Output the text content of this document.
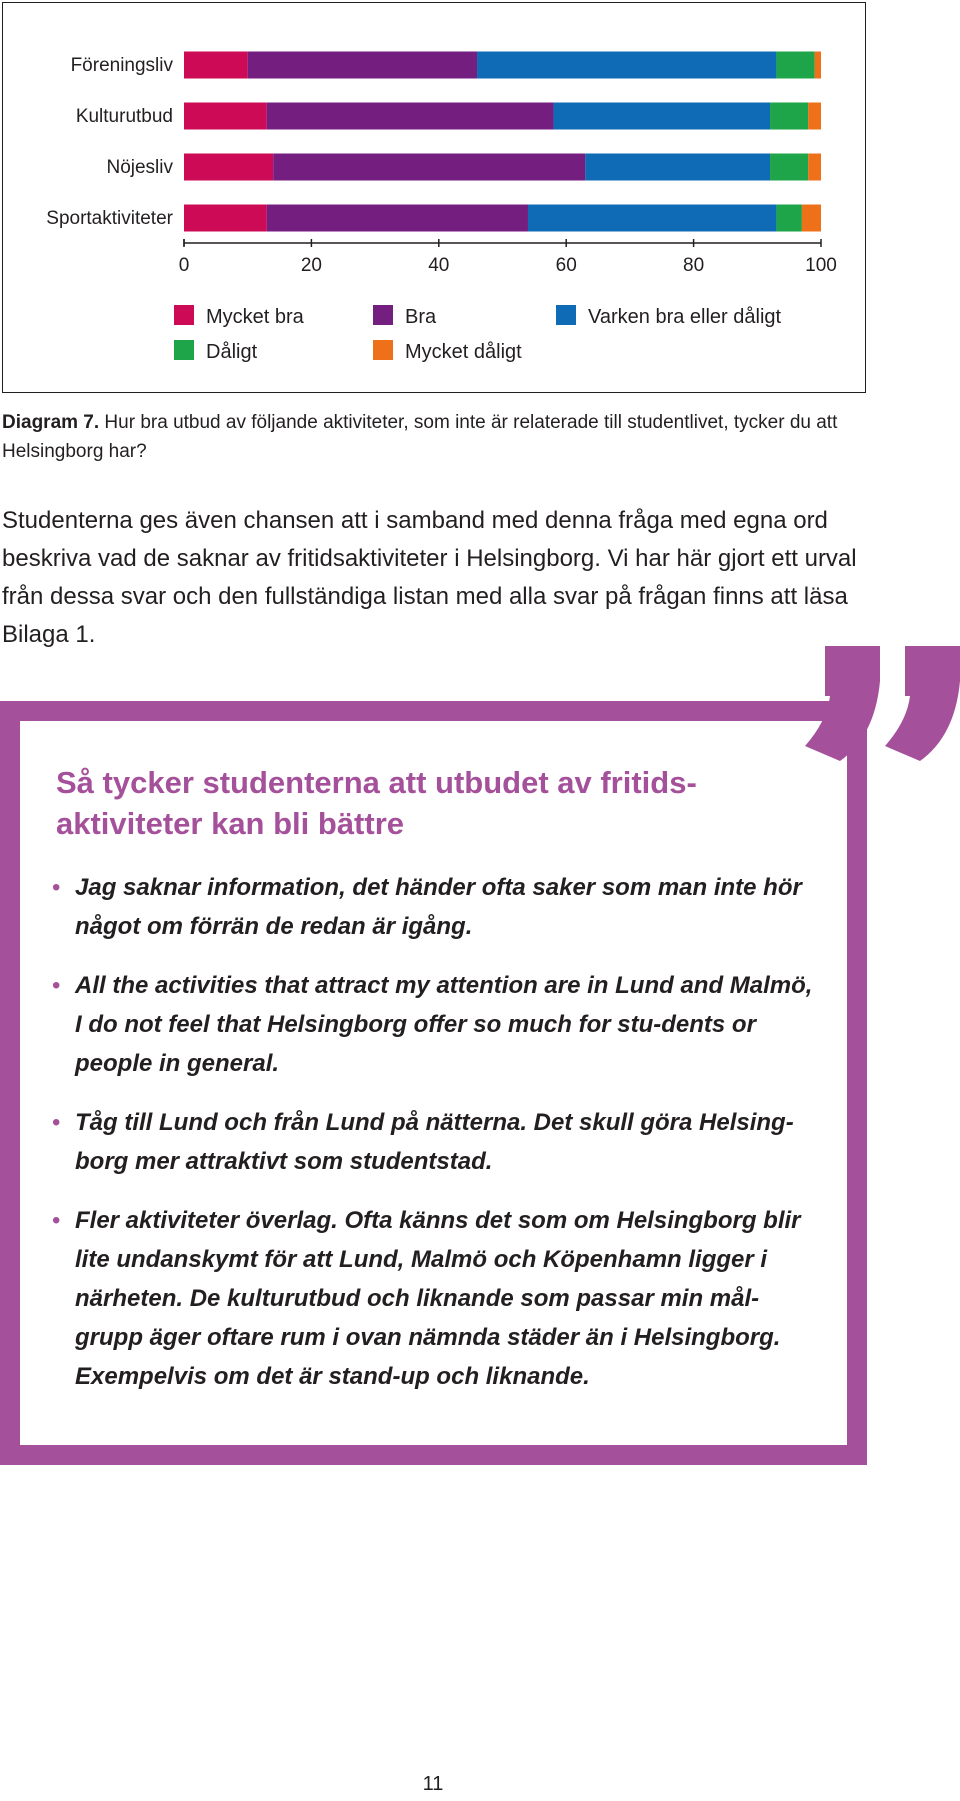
Föreningsliv
Kulturutbud
Nöjesliv
Sportaktiviteter
0	20	40	60	80	100
Mycket bra	Bra	Varken bra eller dåligt
Dåligt	Mycket dåligt
Diagram 7. Hur bra utbud av följande aktiviteter, som inte är relaterade till studentlivet, tycker du att Helsingborg har?
Studenterna ges även chansen att i samband med denna fråga med egna ord beskriva vad de saknar av fritidsaktiviteter i Helsingborg. Vi har här gjort ett urval från dessa svar och den fullständiga listan med alla svar på frågan finns att läsa Bilaga 1.
Så tycker studenterna att utbudet av fritids-aktiviteter kan bli bättre
• Jag saknar information, det händer ofta saker som man inte hör något om förrän de redan är igång.
• All the activities that attract my attention are in Lund and Malmö, I do not feel that Helsingborg offer so much for stu-dents or people in general.
• Tåg till Lund och från Lund på nätterna. Det skull göra Helsing-borg mer attraktivt som studentstad.
• Fler aktiviteter överlag. Ofta känns det som om Helsingborg blir lite undanskymt för att Lund, Malmö och Köpenhamn ligger i närheten. De kulturutbud och liknande som passar min mål-grupp äger oftare rum i ovan nämnda städer än i Helsingborg. Exempelvis om det är stand-up och liknande.
11
